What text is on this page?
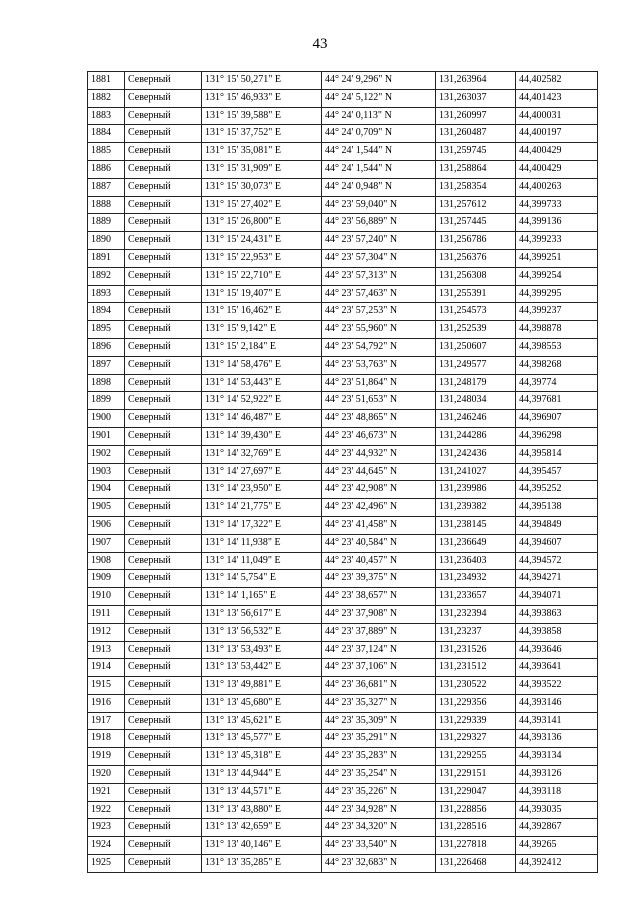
43
1881	Северный	131° 15' 50,271" E	44° 24' 9,296" N	131,263964	44,402582
1882	Северный	131° 15' 46,933" E	44° 24' 5,122" N	131,263037	44,401423
1883	Северный	131° 15' 39,588" E	44° 24' 0,113" N	131,260997	44,400031
1884	Северный	131° 15' 37,752" E	44° 24' 0,709" N	131,260487	44,400197
1885	Северный	131° 15' 35,081" E	44° 24' 1,544" N	131,259745	44,400429
1886	Северный	131° 15' 31,909" E	44° 24' 1,544" N	131,258864	44,400429
1887	Северный	131° 15' 30,073" E	44° 24' 0,948" N	131,258354	44,400263
1888	Северный	131° 15' 27,402" E	44° 23' 59,040" N	131,257612	44,399733
1889	Северный	131° 15' 26,800" E	44° 23' 56,889" N	131,257445	44,399136
1890	Северный	131° 15' 24,431" E	44° 23' 57,240" N	131,256786	44,399233
1891	Северный	131° 15' 22,953" E	44° 23' 57,304" N	131,256376	44,399251
1892	Северный	131° 15' 22,710" E	44° 23' 57,313" N	131,256308	44,399254
1893	Северный	131° 15' 19,407" E	44° 23' 57,463" N	131,255391	44,399295
1894	Северный	131° 15' 16,462" E	44° 23' 57,253" N	131,254573	44,399237
1895	Северный	131° 15' 9,142" E	44° 23' 55,960" N	131,252539	44,398878
1896	Северный	131° 15' 2,184" E	44° 23' 54,792" N	131,250607	44,398553
1897	Северный	131° 14' 58,476" E	44° 23' 53,763" N	131,249577	44,398268
1898	Северный	131° 14' 53,443" E	44° 23' 51,864" N	131,248179	44,39774
1899	Северный	131° 14' 52,922" E	44° 23' 51,653" N	131,248034	44,397681
1900	Северный	131° 14' 46,487" E	44° 23' 48,865" N	131,246246	44,396907
1901	Северный	131° 14' 39,430" E	44° 23' 46,673" N	131,244286	44,396298
1902	Северный	131° 14' 32,769" E	44° 23' 44,932" N	131,242436	44,395814
1903	Северный	131° 14' 27,697" E	44° 23' 44,645" N	131,241027	44,395457
1904	Северный	131° 14' 23,950" E	44° 23' 42,908" N	131,239986	44,395252
1905	Северный	131° 14' 21,775" E	44° 23' 42,496" N	131,239382	44,395138
1906	Северный	131° 14' 17,322" E	44° 23' 41,458" N	131,238145	44,394849
1907	Северный	131° 14' 11,938" E	44° 23' 40,584" N	131,236649	44,394607
1908	Северный	131° 14' 11,049" E	44° 23' 40,457" N	131,236403	44,394572
1909	Северный	131° 14' 5,754" E	44° 23' 39,375" N	131,234932	44,394271
1910	Северный	131° 14' 1,165" E	44° 23' 38,657" N	131,233657	44,394071
1911	Северный	131° 13' 56,617" E	44° 23' 37,908" N	131,232394	44,393863
1912	Северный	131° 13' 56,532" E	44° 23' 37,889" N	131,23237	44,393858
1913	Северный	131° 13' 53,493" E	44° 23' 37,124" N	131,231526	44,393646
1914	Северный	131° 13' 53,442" E	44° 23' 37,106" N	131,231512	44,393641
1915	Северный	131° 13' 49,881" E	44° 23' 36,681" N	131,230522	44,393522
1916	Северный	131° 13' 45,680" E	44° 23' 35,327" N	131,229356	44,393146
1917	Северный	131° 13' 45,621" E	44° 23' 35,309" N	131,229339	44,393141
1918	Северный	131° 13' 45,577" E	44° 23' 35,291" N	131,229327	44,393136
1919	Северный	131° 13' 45,318" E	44° 23' 35,283" N	131,229255	44,393134
1920	Северный	131° 13' 44,944" E	44° 23' 35,254" N	131,229151	44,393126
1921	Северный	131° 13' 44,571" E	44° 23' 35,226" N	131,229047	44,393118
1922	Северный	131° 13' 43,880" E	44° 23' 34,928" N	131,228856	44,393035
1923	Северный	131° 13' 42,659" E	44° 23' 34,320" N	131,228516	44,392867
1924	Северный	131° 13' 40,146" E	44° 23' 33,540" N	131,227818	44,39265
1925	Северный	131° 13' 35,285" E	44° 23' 32,683" N	131,226468	44,392412
